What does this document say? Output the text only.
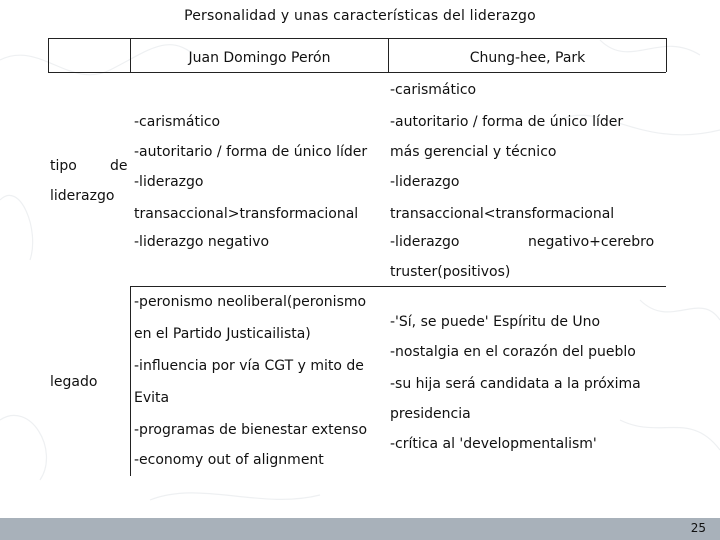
Personalidad y unas características del liderazgo
Juan Domingo Perón	Chung-hee, Park
tipo de
liderazgo
-carismático
-autoritario / forma de único líder
-liderazgo
transaccional>transformacional
-liderazgo negativo
-carismático
-autoritario / forma de único líder
más gerencial y técnico
-liderazgo
transaccional<transformacional
-liderazgo	negativo+cerebro
truster(positivos)
legado
-peronismo neoliberal(peronismo
en el Partido Justicailista)
-influencia por vía CGT y mito de
Evita
-programas de bienestar extenso
-economy out of alignment
-'Sí, se puede' Espíritu de Uno
-nostalgia en el corazón del pueblo
-su hija será candidata a la próxima
presidencia
-crítica al 'developmentalism'
25
